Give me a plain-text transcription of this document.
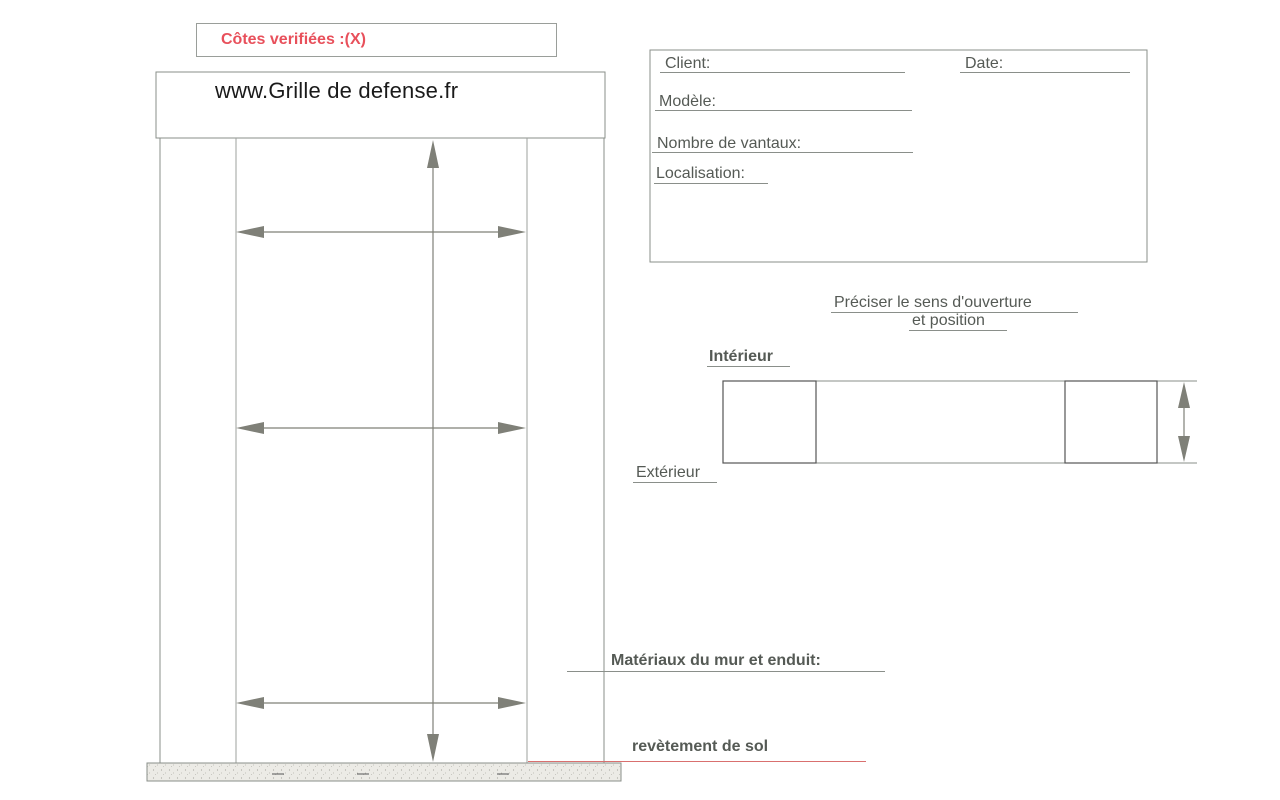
Côtes verifiées :(X)
www.Grille de defense.fr
Client:	Date:
Modèle:
Nombre de vantaux:
Localisation:
Préciser le sens d'ouverture
et position
Intérieur
Extérieur
Matériaux du mur et enduit:
revètement de sol
